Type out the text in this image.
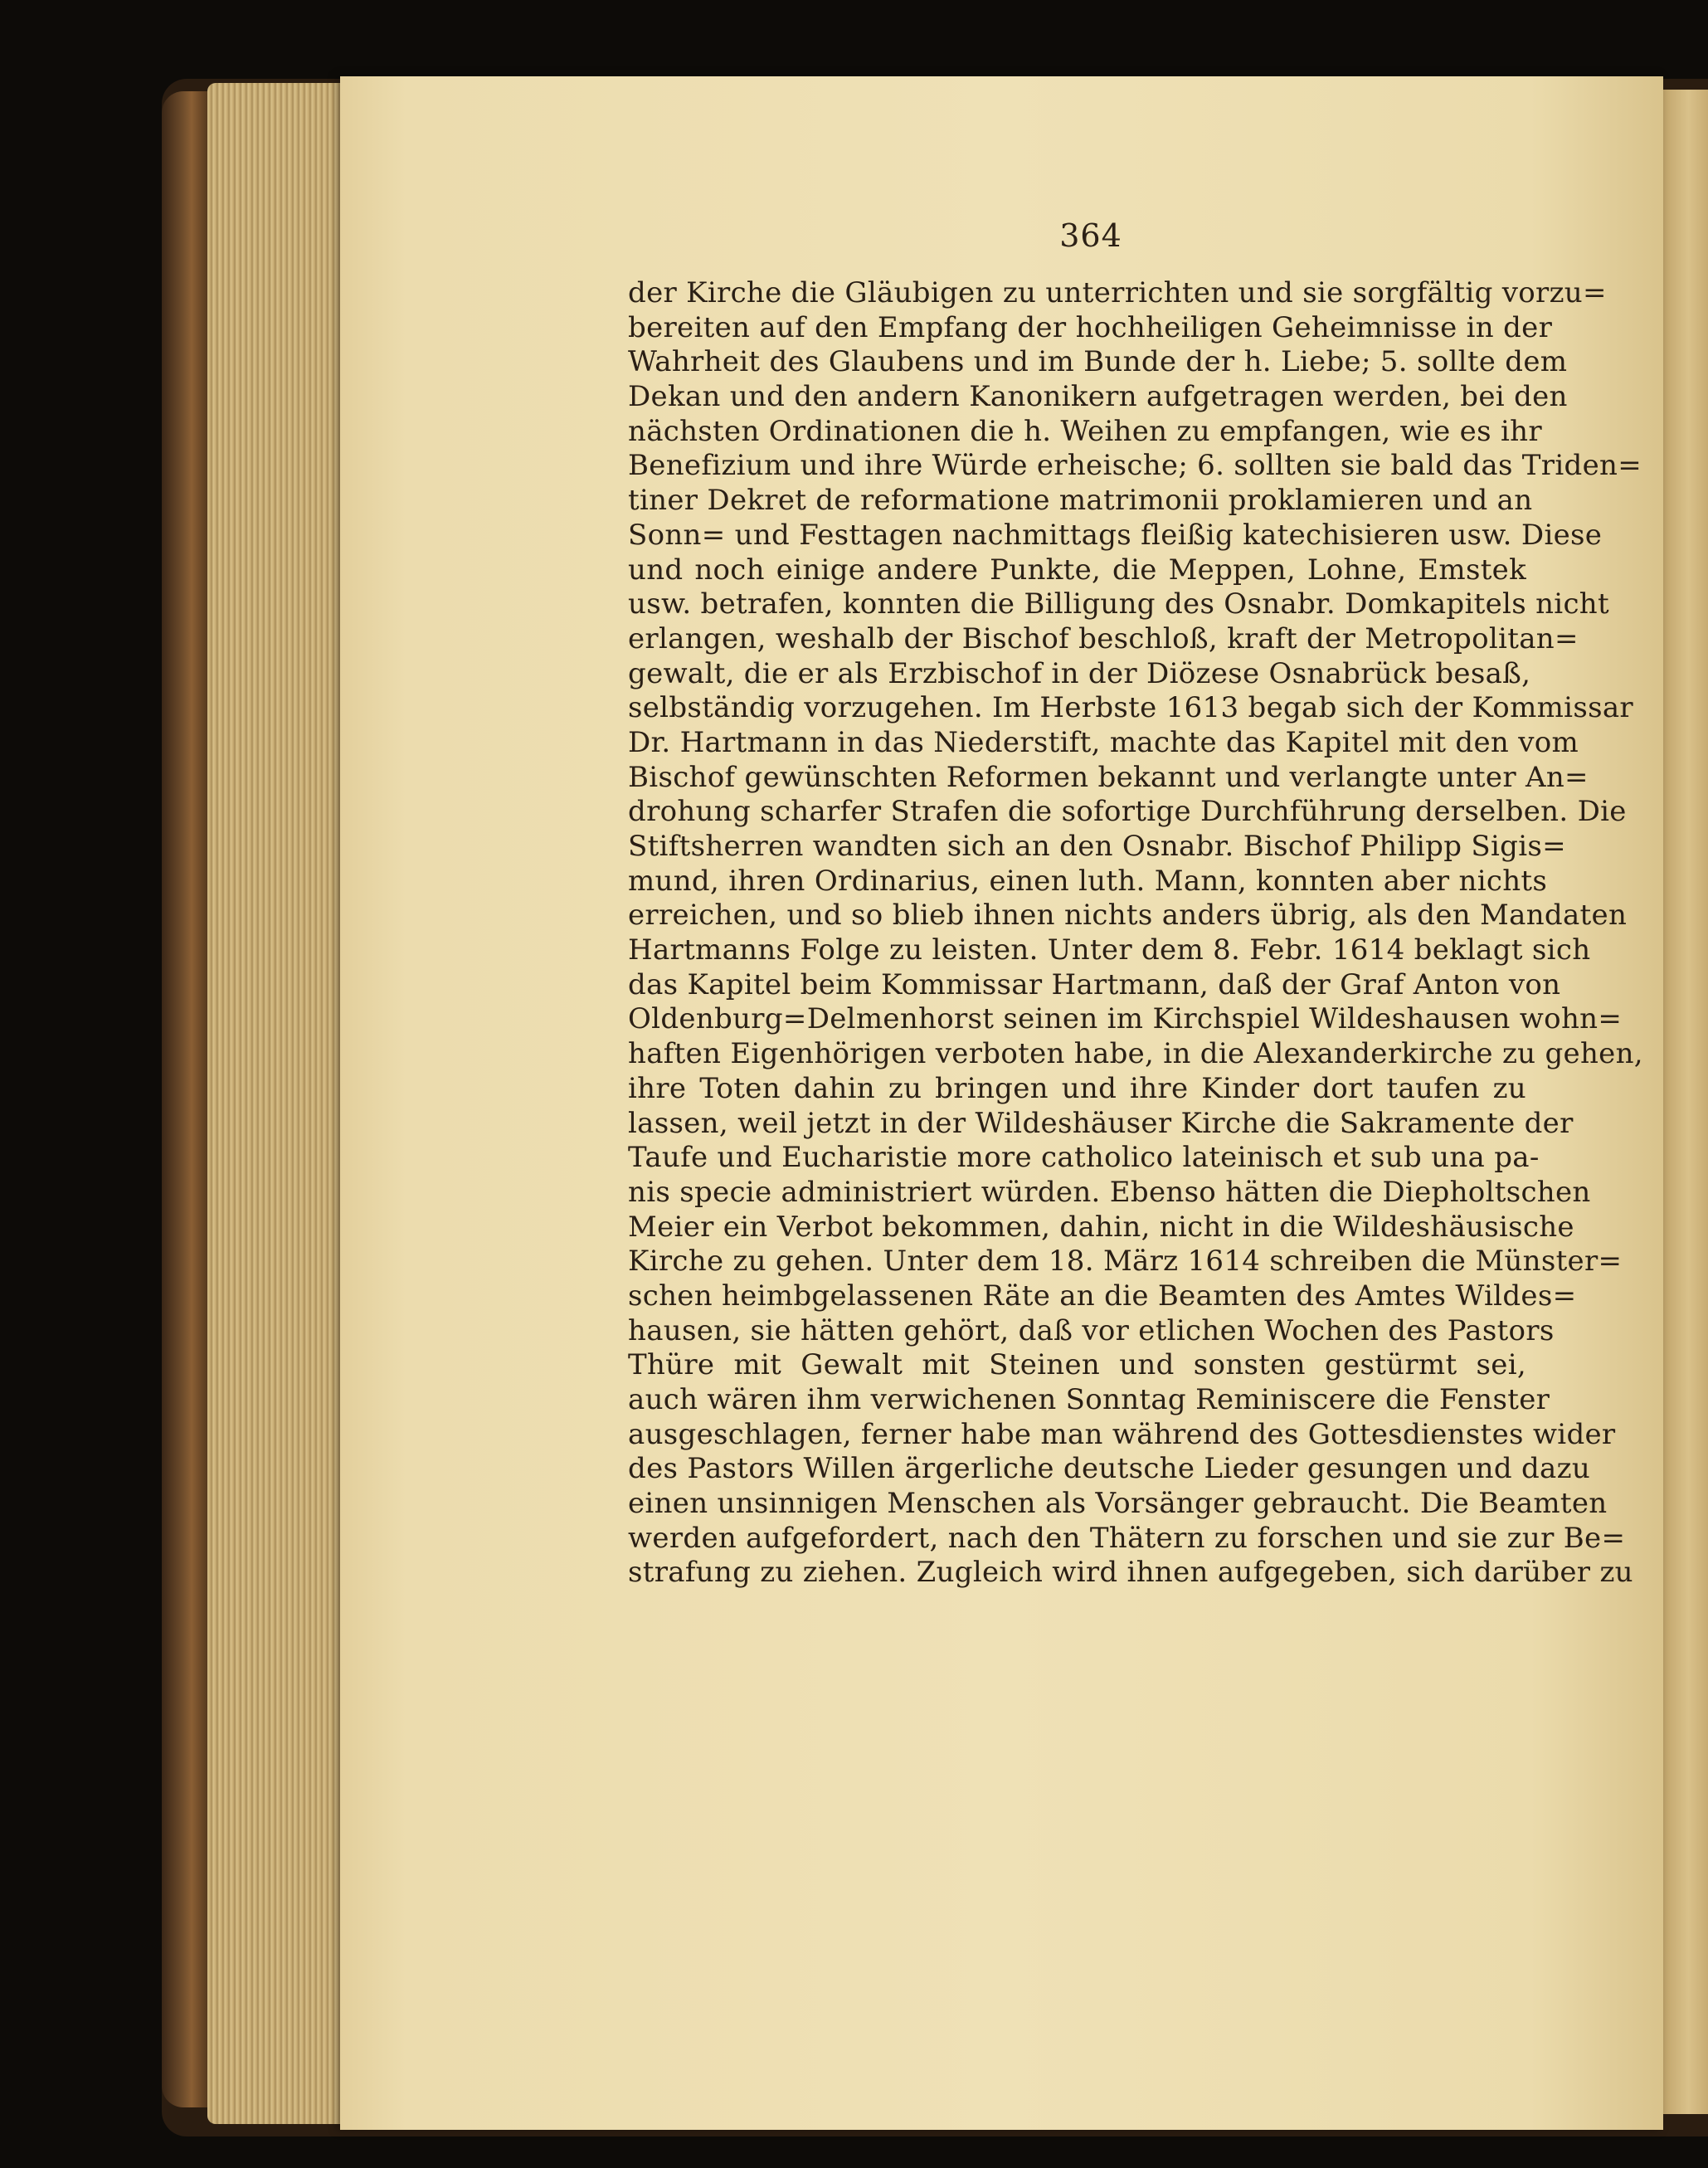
364
der Kirche die Gläubigen zu unterrichten und sie sorgfältig vorzu=
bereiten auf den Empfang der hochheiligen Geheimnisse in der
Wahrheit des Glaubens und im Bunde der h. Liebe; 5. sollte dem
Dekan und den andern Kanonikern aufgetragen werden, bei den
nächsten Ordinationen die h. Weihen zu empfangen, wie es ihr
Benefizium und ihre Würde erheische; 6. sollten sie bald das Triden=
tiner Dekret de reformatione matrimonii proklamieren und an
Sonn= und Festtagen nachmittags fleißig katechisieren usw. Diese
und noch einige andere Punkte, die Meppen, Lohne, Emstek
usw. betrafen, konnten die Billigung des Osnabr. Domkapitels nicht
erlangen, weshalb der Bischof beschloß, kraft der Metropolitan=
gewalt, die er als Erzbischof in der Diözese Osnabrück besaß,
selbständig vorzugehen. Im Herbste 1613 begab sich der Kommissar
Dr. Hartmann in das Niederstift, machte das Kapitel mit den vom
Bischof gewünschten Reformen bekannt und verlangte unter An=
drohung scharfer Strafen die sofortige Durchführung derselben. Die
Stiftsherren wandten sich an den Osnabr. Bischof Philipp Sigis=
mund, ihren Ordinarius, einen luth. Mann, konnten aber nichts
erreichen, und so blieb ihnen nichts anders übrig, als den Mandaten
Hartmanns Folge zu leisten. Unter dem 8. Febr. 1614 beklagt sich
das Kapitel beim Kommissar Hartmann, daß der Graf Anton von
Oldenburg=Delmenhorst seinen im Kirchspiel Wildeshausen wohn=
haften Eigenhörigen verboten habe, in die Alexanderkirche zu gehen,
ihre Toten dahin zu bringen und ihre Kinder dort taufen zu
lassen, weil jetzt in der Wildeshäuser Kirche die Sakramente der
Taufe und Eucharistie more catholico lateinisch et sub una pa-
nis specie administriert würden. Ebenso hätten die Diepholtschen
Meier ein Verbot bekommen, dahin, nicht in die Wildeshäusische
Kirche zu gehen. Unter dem 18. März 1614 schreiben die Münster=
schen heimbgelassenen Räte an die Beamten des Amtes Wildes=
hausen, sie hätten gehört, daß vor etlichen Wochen des Pastors
Thüre mit Gewalt mit Steinen und sonsten gestürmt sei,
auch wären ihm verwichenen Sonntag Reminiscere die Fenster
ausgeschlagen, ferner habe man während des Gottesdienstes wider
des Pastors Willen ärgerliche deutsche Lieder gesungen und dazu
einen unsinnigen Menschen als Vorsänger gebraucht. Die Beamten
werden aufgefordert, nach den Thätern zu forschen und sie zur Be=
strafung zu ziehen. Zugleich wird ihnen aufgegeben, sich darüber zu
